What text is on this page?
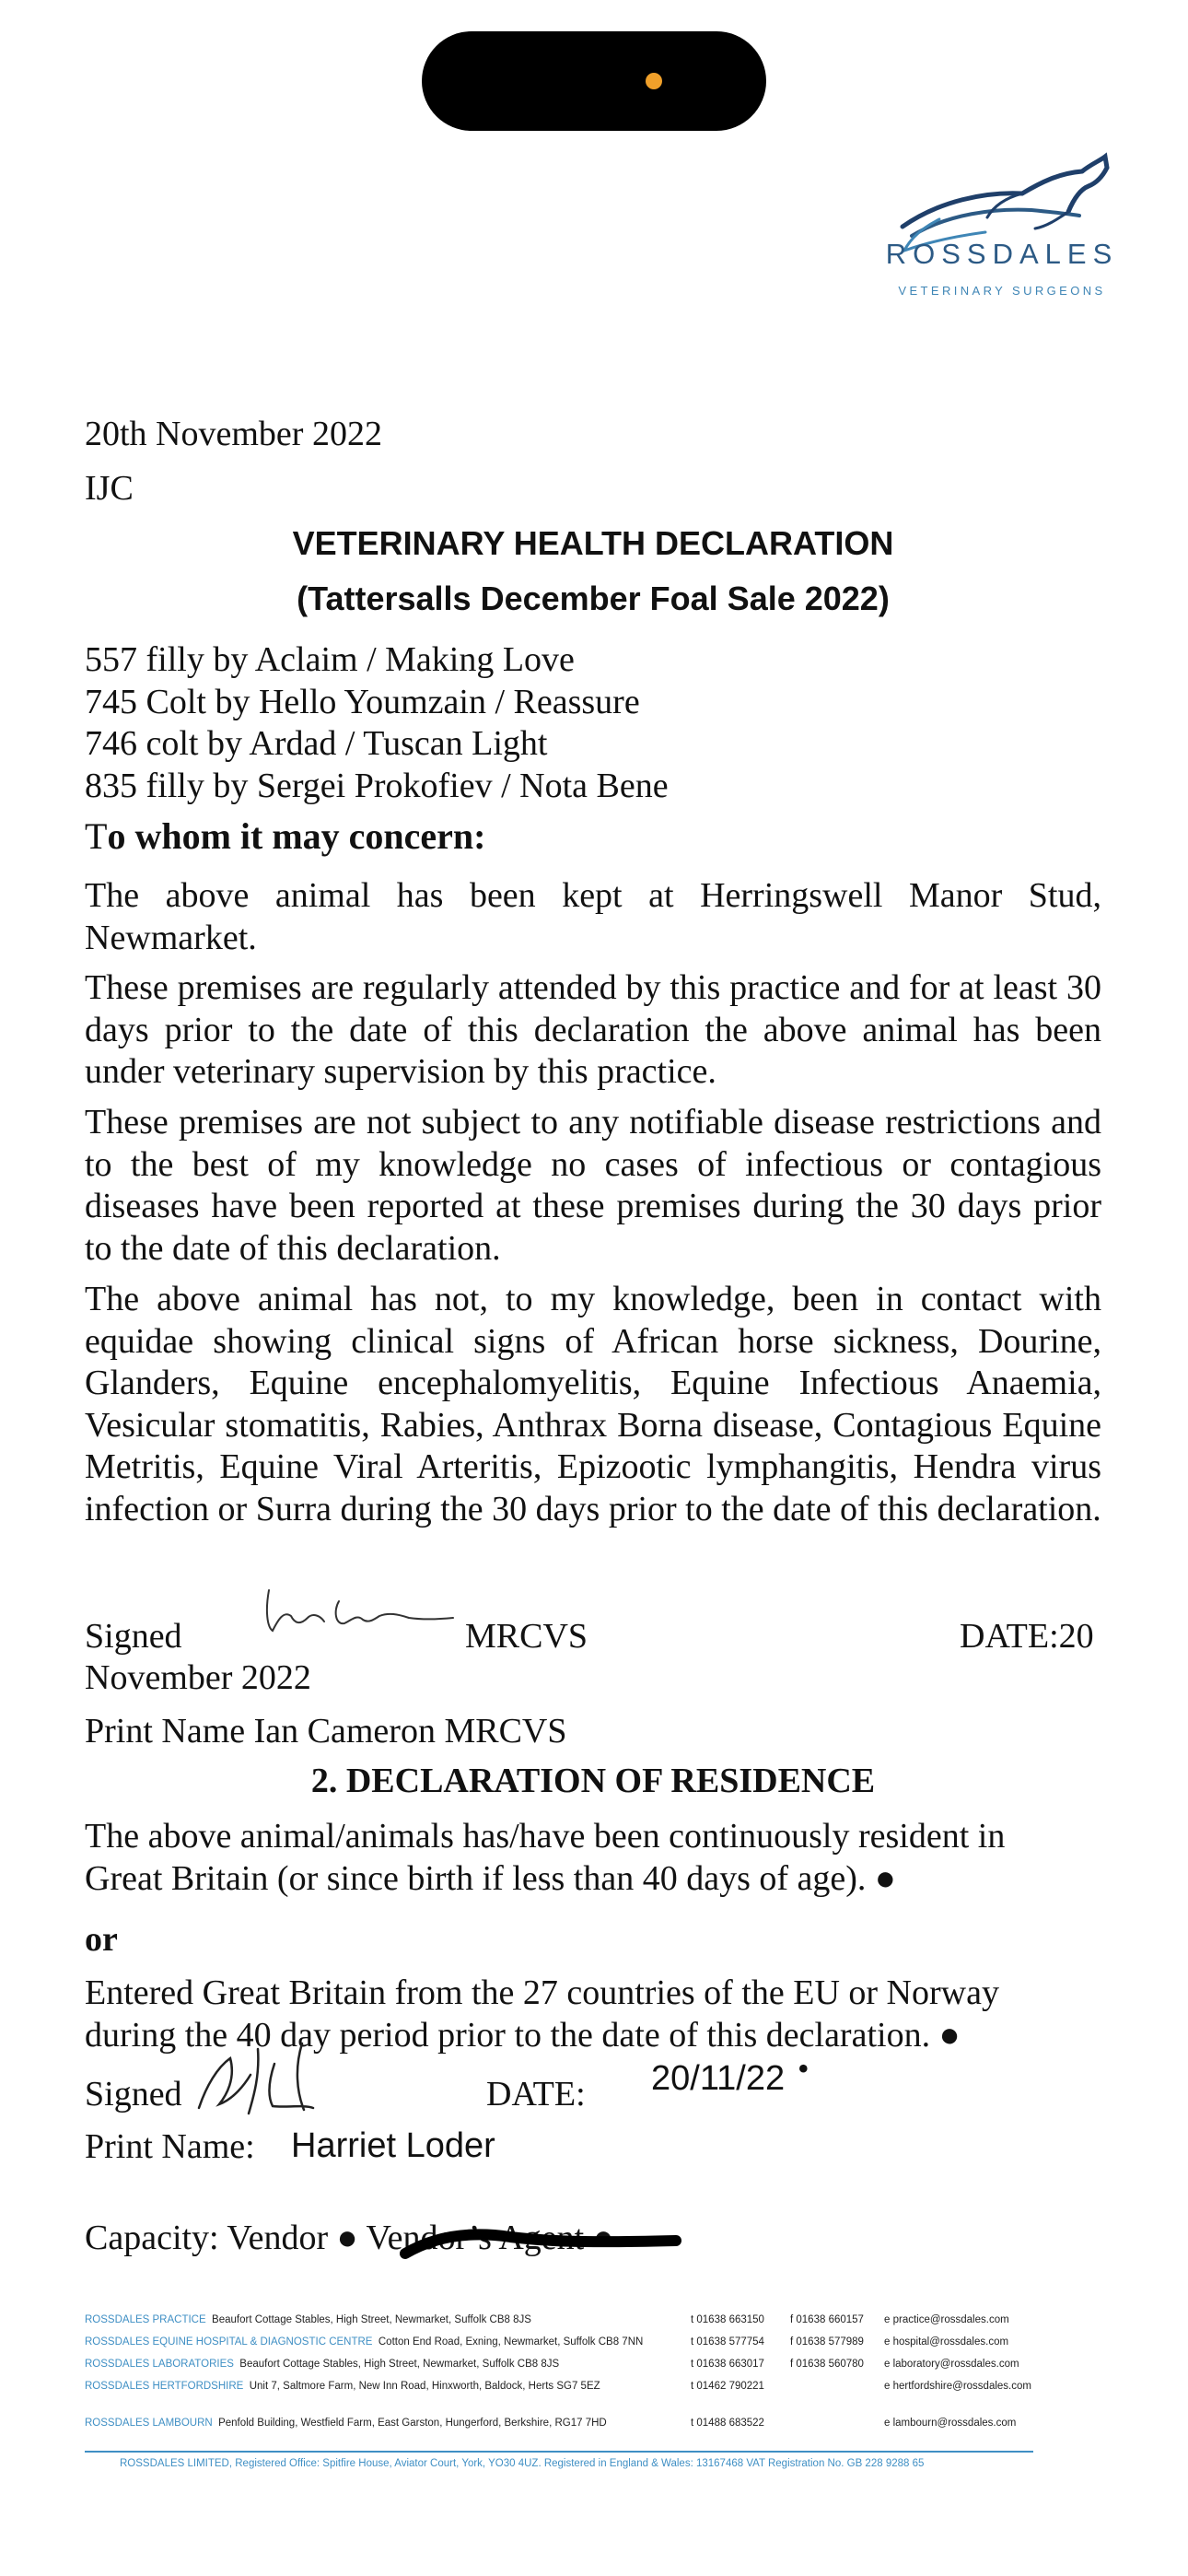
ROSSDALES
VETERINARY SURGEONS
20th November 2022
IJC
VETERINARY HEALTH DECLARATION
(Tattersalls December Foal Sale 2022)
557 filly by Aclaim / Making Love
745 Colt by Hello Youmzain / Reassure
746 colt by Ardad / Tuscan Light
835 filly by Sergei Prokofiev / Nota Bene
To whom it may concern:
The above animal has been kept at Herringswell Manor Stud, Newmarket.
These premises are regularly attended by this practice and for at least 30 days prior to the date of this declaration the above animal has been under veterinary supervision by this practice.
These premises are not subject to any notifiable disease restrictions and to the best of my knowledge no cases of infectious or contagious diseases have been reported at these premises during the 30 days prior to the date of this declaration.
The above animal has not, to my knowledge, been in contact with equidae showing clinical signs of African horse sickness, Dourine, Glanders, Equine encephalomyelitis, Equine Infectious Anaemia, Vesicular stomatitis, Rabies, Anthrax Borna disease, Contagious Equine Metritis, Equine Viral Arteritis, Epizootic lymphangitis, Hendra virus infection or Surra during the 30 days prior to the date of this declaration.
Signed	MRCVS	DATE:20
November 2022
Print Name Ian Cameron MRCVS
2. DECLARATION OF RESIDENCE
The above animal/animals has/have been continuously resident in Great Britain (or since birth if less than 40 days of age). ●
or
Entered Great Britain from the 27 countries of the EU or Norway during the 40 day period prior to the date of this declaration. ●
Signed	DATE: 20/11/22 •
Print Name: Harriet Loder
Capacity: Vendor ● Vendor’s Agent ●
ROSSDALES PRACTICE Beaufort Cottage Stables, High Street, Newmarket, Suffolk CB8 8JS	t 01638 663150 f 01638 660157 e practice@rossdales.com
ROSSDALES EQUINE HOSPITAL & DIAGNOSTIC CENTRE Cotton End Road, Exning, Newmarket, Suffolk CB8 7NN	t 01638 577754 f 01638 577989 e hospital@rossdales.com
ROSSDALES LABORATORIES Beaufort Cottage Stables, High Street, Newmarket, Suffolk CB8 8JS	t 01638 663017 f 01638 560780 e laboratory@rossdales.com
ROSSDALES HERTFORDSHIRE Unit 7, Saltmore Farm, New Inn Road, Hinxworth, Baldock, Herts SG7 5EZ	t 01462 790221	e hertfordshire@rossdales.com
ROSSDALES LAMBOURN Penfold Building, Westfield Farm, East Garston, Hungerford, Berkshire, RG17 7HD	t 01488 683522	e lambourn@rossdales.com
ROSSDALES LIMITED, Registered Office: Spitfire House, Aviator Court, York, YO30 4UZ. Registered in England & Wales: 13167468 VAT Registration No. GB 228 9288 65
